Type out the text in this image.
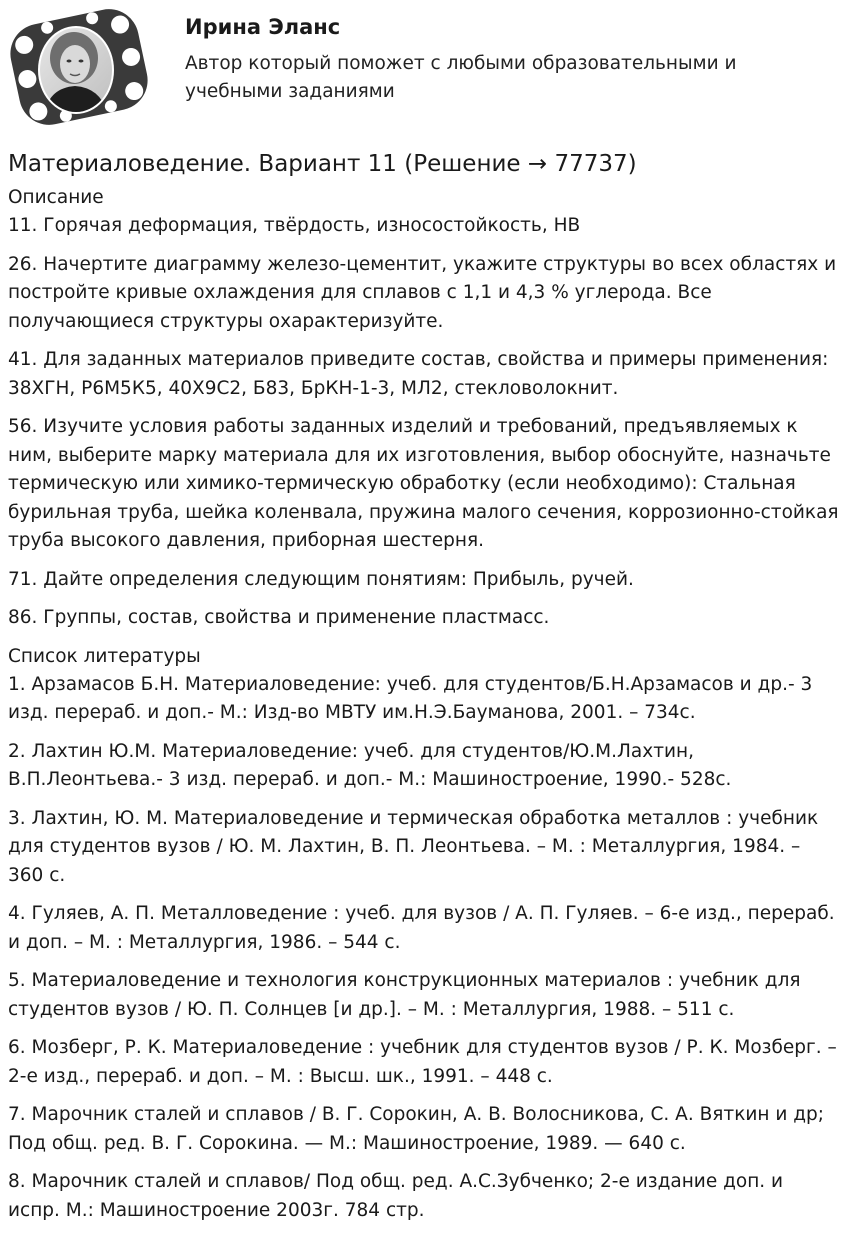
Ирина Эланс

Автор который поможет с любыми образовательными и учебными заданиями

Материаловедение. Вариант 11 (Решение → 77737)

Описание

11. Горячая деформация, твёрдость, износостойкость, НВ

26. Начертите диаграмму железо-цементит, укажите структуры во всех областях и постройте кривые охлаждения для сплавов с 1,1 и 4,3 % углерода. Все получающиеся структуры охарактеризуйте.

41. Для заданных материалов приведите состав, свойства и примеры применения: 38ХГН, Р6М5К5, 40Х9С2, Б83, БрКН-1-3, МЛ2, стекловолокнит.

56. Изучите условия работы заданных изделий и требований, предъявляемых к ним, выберите марку материала для их изготовления, выбор обоснуйте, назначьте термическую или химико-термическую обработку (если необходимо): Стальная бурильная труба, шейка коленвала, пружина малого сечения, коррозионно-стойкая труба высокого давления, приборная шестерня.

71. Дайте определения следующим понятиям: Прибыль, ручей.

86. Группы, состав, свойства и применение пластмасс.

Список литературы

1. Арзамасов Б.Н. Материаловедение: учеб. для студентов/Б.Н.Арзамасов и др.- 3 изд. перераб. и доп.- М.: Изд-во МВТУ им.Н.Э.Бауманова, 2001. – 734с.

2. Лахтин Ю.М. Материаловедение: учеб. для студентов/Ю.М.Лахтин, В.П.Леонтьева.- 3 изд. перераб. и доп.- М.: Машиностроение, 1990.- 528с.

3. Лахтин, Ю. М. Материаловедение и термическая обработка металлов : учебник для студентов вузов / Ю. М. Лахтин, В. П. Леонтьева. – М. : Металлургия, 1984. – 360 с.

4. Гуляев, А. П. Металловедение : учеб. для вузов / А. П. Гуляев. – 6-е изд., перераб. и доп. – М. : Металлургия, 1986. – 544 с.

5. Материаловедение и технология конструкционных материалов : учебник для студентов вузов / Ю. П. Солнцев [и др.]. – М. : Металлургия, 1988. – 511 с.

6. Мозберг, Р. К. Материаловедение : учебник для студентов вузов / Р. К. Мозберг. – 2-е изд., перераб. и доп. – М. : Высш. шк., 1991. – 448 с.

7. Марочник сталей и сплавов / В. Г. Сорокин, А. В. Волосникова, С. А. Вяткин и др; Под общ. ред. В. Г. Сорокина. — М.: Машиностроение, 1989. — 640 с.

8. Марочник сталей и сплавов/ Под общ. ред. А.С.Зубченко; 2-е издание доп. и испр. М.: Машиностроение 2003г. 784 стр.
